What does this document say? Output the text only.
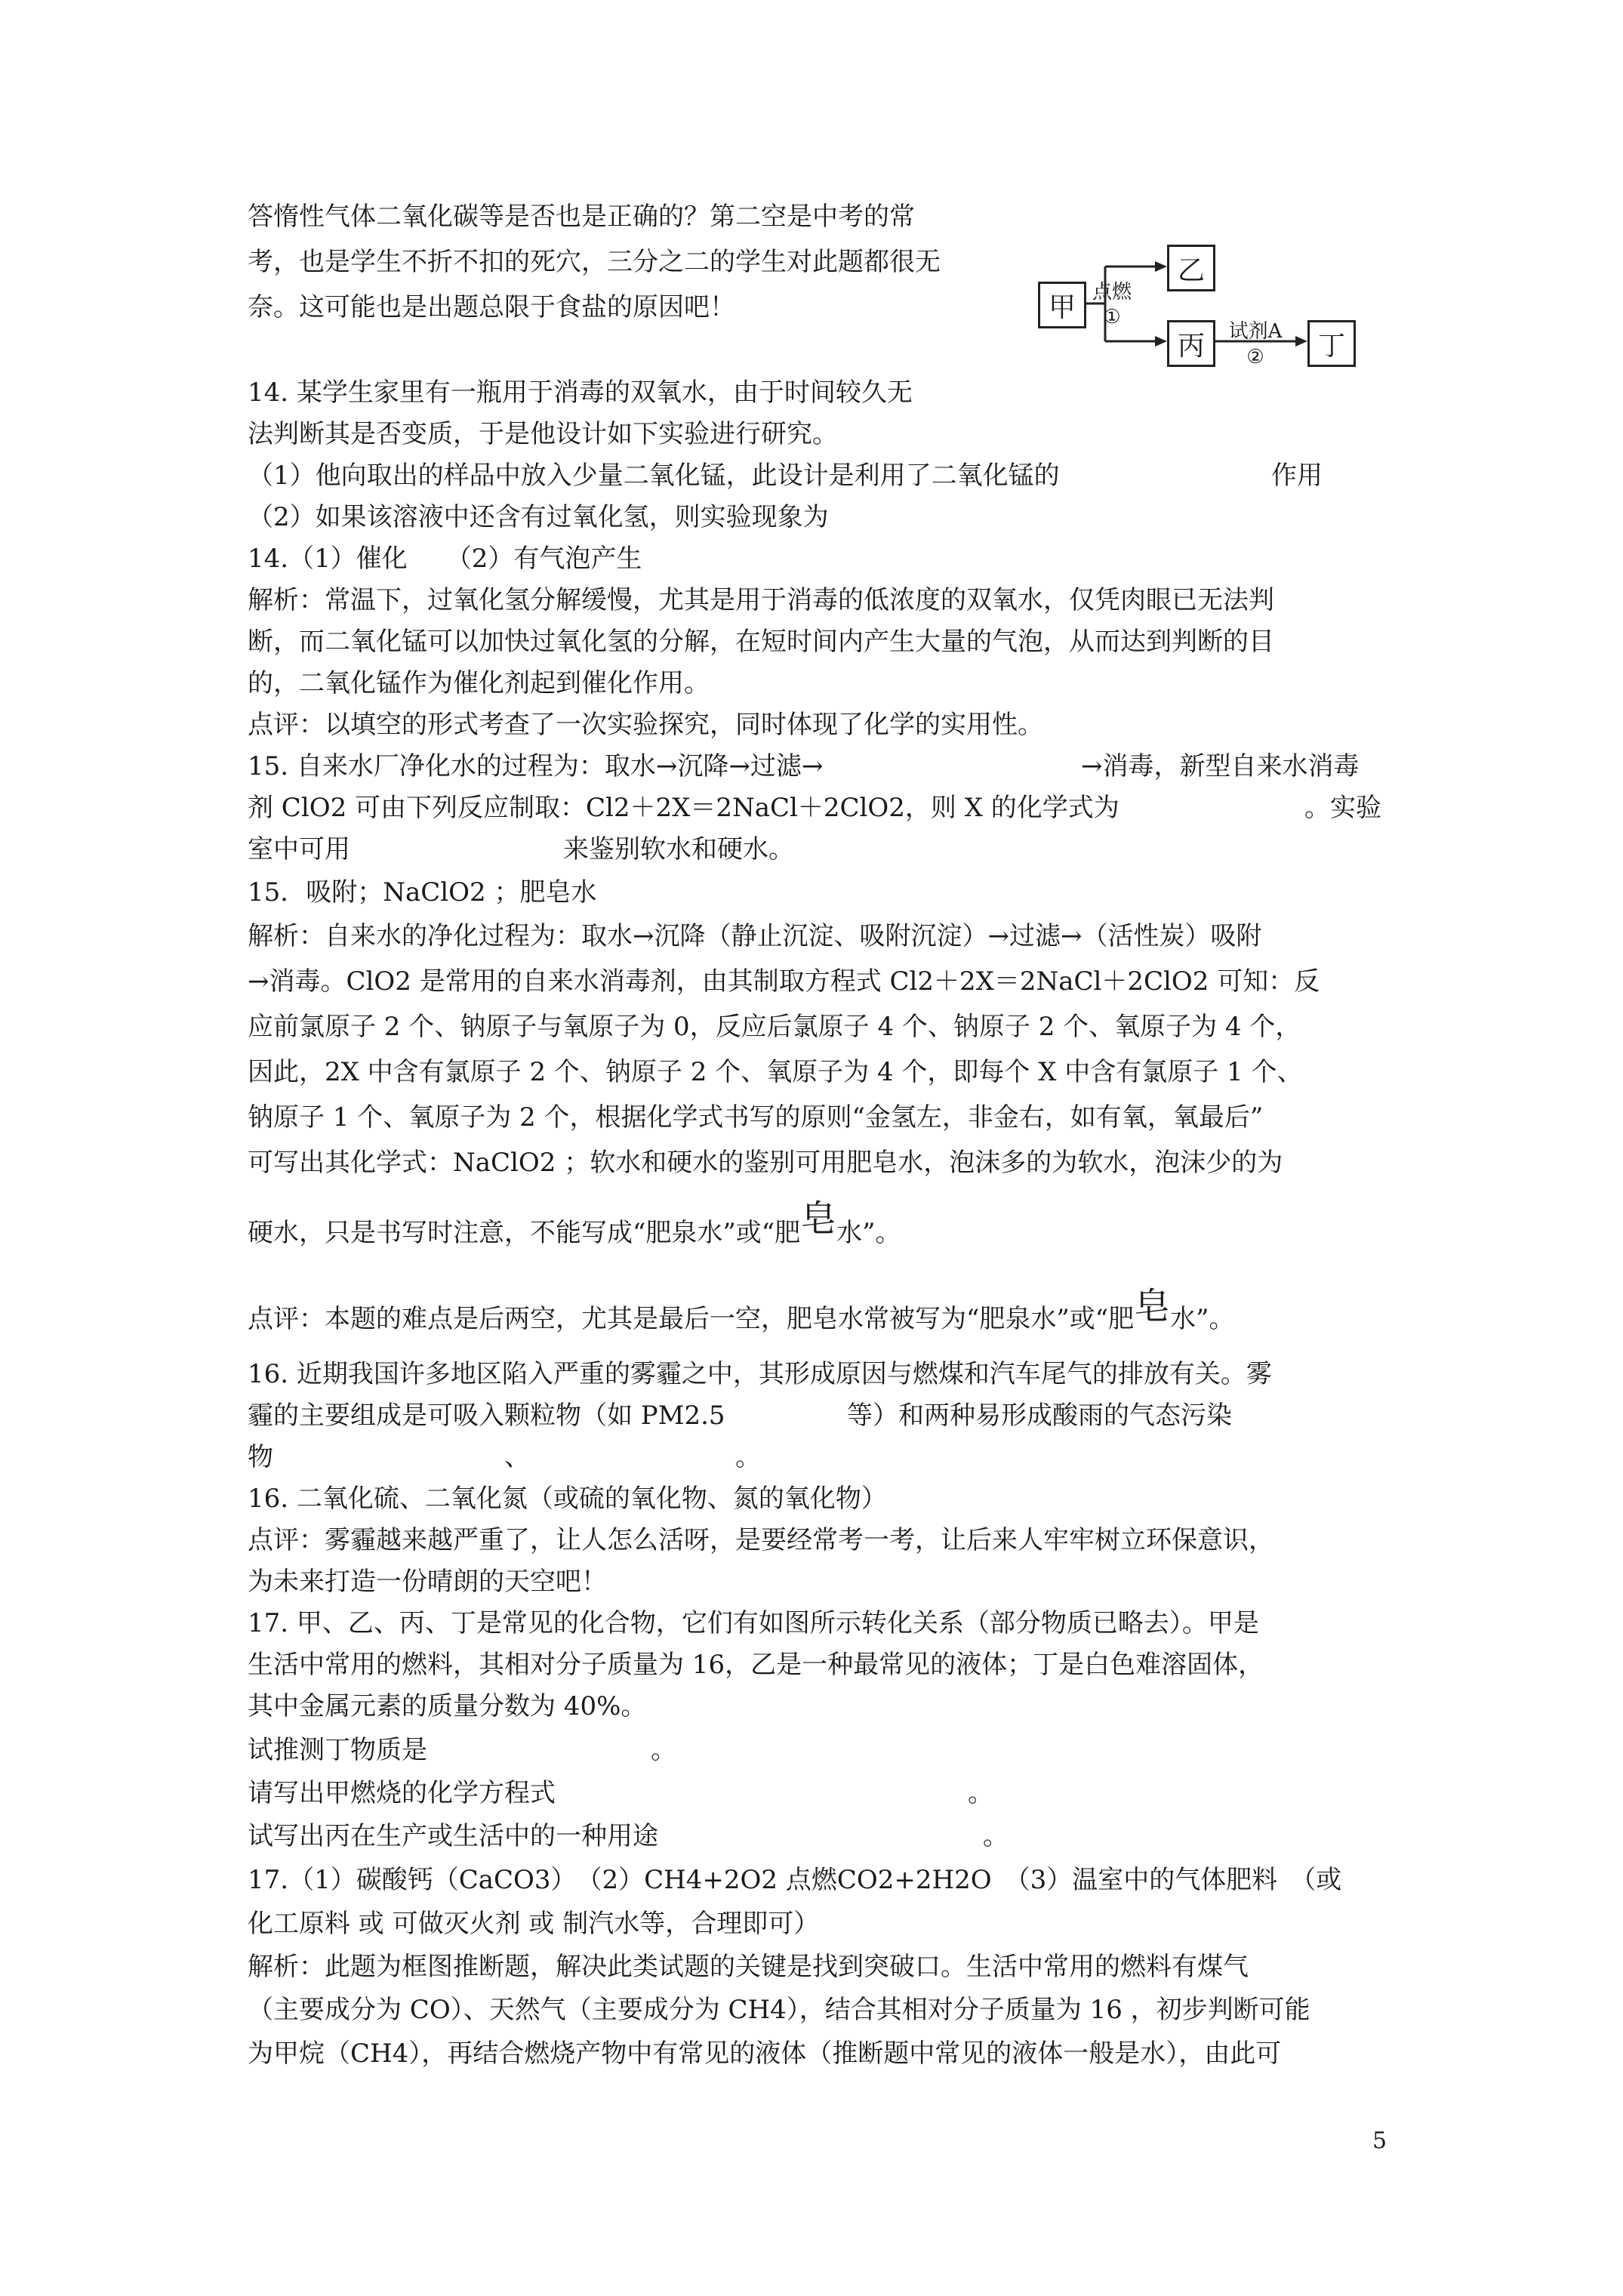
答惰性气体二氧化碳等是否也是正确的？第二空是中考的常
考，也是学生不折不扣的死穴，三分之二的学生对此题都很无
奈。这可能也是出题总限于食盐的原因吧！	甲
乙
丙	丁
点燃
①
试剂A
②
14. 某学生家里有一瓶用于消毒的双氧水，由于时间较久无
法判断其是否变质，于是他设计如下实验进行研究。
（1）他向取出的样品中放入少量二氧化锰，此设计是利用了二氧化锰的	作用
（2）如果该溶液中还含有过氧化氢，则实验现象为
14.（1）催化　　（2）有气泡产生
解析：常温下，过氧化氢分解缓慢，尤其是用于消毒的低浓度的双氧水，仅凭肉眼已无法判
断，而二氧化锰可以加快过氧化氢的分解，在短时间内产生大量的气泡，从而达到判断的目
的，二氧化锰作为催化剂起到催化作用。
点评：以填空的形式考查了一次实验探究，同时体现了化学的实用性。
15. 自来水厂净化水的过程为：取水→沉降→过滤→	→消毒，新型自来水消毒
剂 ClO2 可由下列反应制取：Cl2＋2X＝2NaCl＋2ClO2，则 X 的化学式为	。实验
室中可用	来鉴别软水和硬水。
15．吸附；NaClO2 ；肥皂水
解析：自来水的净化过程为：取水→沉降（静止沉淀、吸附沉淀）→过滤→（活性炭）吸附
→消毒。ClO2 是常用的自来水消毒剂，由其制取方程式 Cl2＋2X＝2NaCl＋2ClO2 可知：反
应前氯原子 2 个、钠原子与氧原子为 0，反应后氯原子 4 个、钠原子 2 个、氧原子为 4 个，
因此，2X 中含有氯原子 2 个、钠原子 2 个、氧原子为 4 个，即每个 X 中含有氯原子 1 个、
钠原子 1 个、氧原子为 2 个，根据化学式书写的原则“金氢左，非金右，如有氧，氧最后”
可写出其化学式：NaClO2 ；软水和硬水的鉴别可用肥皂水，泡沫多的为软水，泡沫少的为
硬水，只是书写时注意，不能写成“肥泉水”或“肥皂水”。
点评：本题的难点是后两空，尤其是最后一空，肥皂水常被写为“肥泉水”或“肥皂水”。
16. 近期我国许多地区陷入严重的雾霾之中，其形成原因与燃煤和汽车尾气的排放有关。雾
霾的主要组成是可吸入颗粒物（如 PM2.5	等）和两种易形成酸雨的气态污染
物	、	。
16. 二氧化硫、二氧化氮（或硫的氧化物、氮的氧化物）
点评：雾霾越来越严重了，让人怎么活呀，是要经常考一考，让后来人牢牢树立环保意识，
为未来打造一份晴朗的天空吧！
17. 甲、乙、丙、丁是常见的化合物，它们有如图所示转化关系（部分物质已略去）。甲是
生活中常用的燃料，其相对分子质量为 16，乙是一种最常见的液体；丁是白色难溶固体，
其中金属元素的质量分数为 40%。
试推测丁物质是	。
请写出甲燃烧的化学方程式	。
试写出丙在生产或生活中的一种用途	。
17.（1）碳酸钙（CaCO3）　（2）CH4+2O2 点燃CO2+2H2O　（3）温室中的气体肥料　（或
化工原料 或 可做灭火剂 或 制汽水等，合理即可）
解析：此题为框图推断题，解决此类试题的关键是找到突破口。生活中常用的燃料有煤气
（主要成分为 CO）、天然气（主要成分为 CH4），结合其相对分子质量为 16 ，初步判断可能
为甲烷（CH4），再结合燃烧产物中有常见的液体（推断题中常见的液体一般是水），由此可
5
